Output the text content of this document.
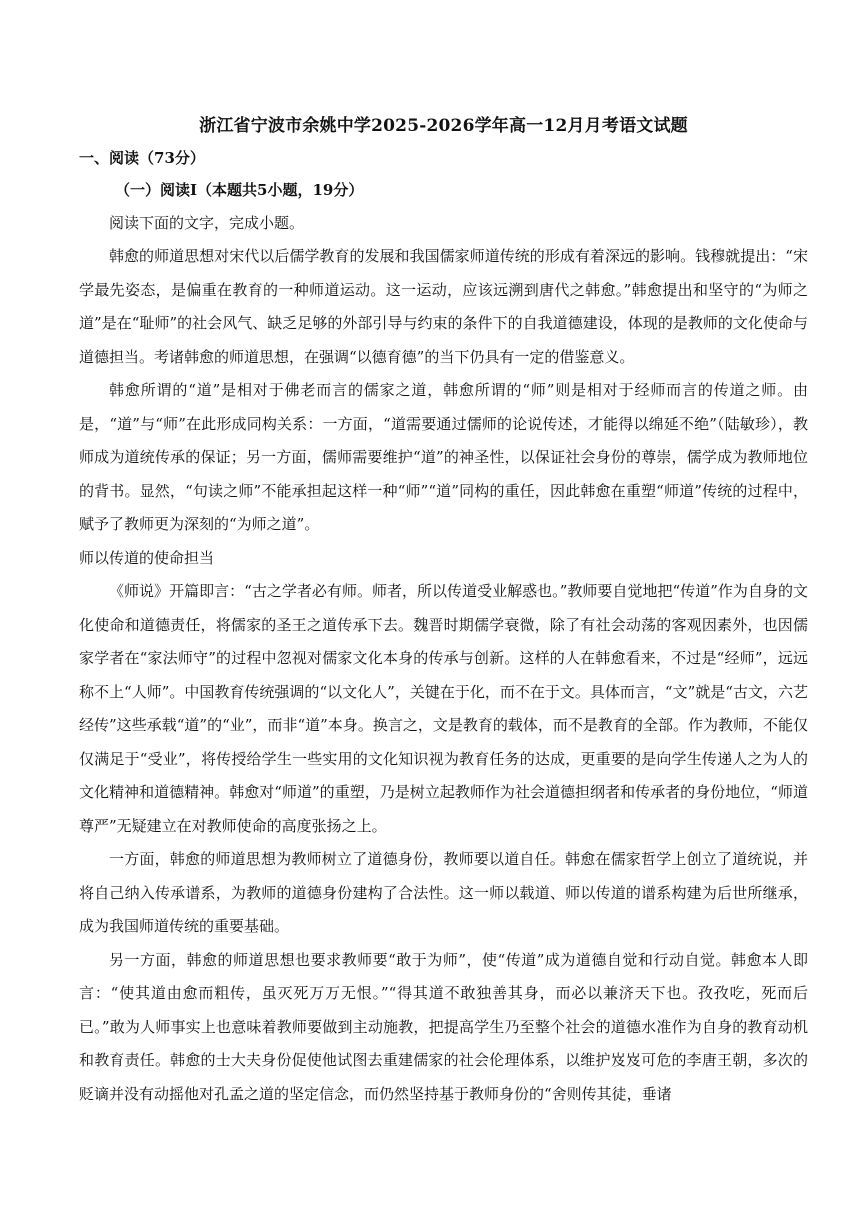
浙江省宁波市余姚中学2025-2026学年高一12月月考语文试题

一、阅读（73分）

（一）阅读Ⅰ（本题共5小题，19分）

阅读下面的文字，完成小题。

韩愈的师道思想对宋代以后儒学教育的发展和我国儒家师道传统的形成有着深远的影响。钱穆就提出：“宋学最先姿态，是偏重在教育的一种师道运动。这一运动，应该远溯到唐代之韩愈。”韩愈提出和坚守的“为师之道”是在“耻师”的社会风气、缺乏足够的外部引导与约束的条件下的自我道德建设，体现的是教师的文化使命与道德担当。考诸韩愈的师道思想，在强调“以德育德”的当下仍具有一定的借鉴意义。

韩愈所谓的“道”是相对于佛老而言的儒家之道，韩愈所谓的“师”则是相对于经师而言的传道之师。由是，“道”与“师”在此形成同构关系：一方面，“道需要通过儒师的论说传述，才能得以绵延不绝”（陆敏珍），教师成为道统传承的保证；另一方面，儒师需要维护“道”的神圣性，以保证社会身份的尊崇，儒学成为教师地位的背书。显然，“句读之师”不能承担起这样一种“师”“道”同构的重任，因此韩愈在重塑“师道”传统的过程中，赋予了教师更为深刻的“为师之道”。

师以传道的使命担当

《师说》开篇即言：“古之学者必有师。师者，所以传道受业解惑也。”教师要自觉地把“传道”作为自身的文化使命和道德责任，将儒家的圣王之道传承下去。魏晋时期儒学衰微，除了有社会动荡的客观因素外，也因儒家学者在“家法师守”的过程中忽视对儒家文化本身的传承与创新。这样的人在韩愈看来，不过是“经师”，远远称不上“人师”。中国教育传统强调的“以文化人”，关键在于化，而不在于文。具体而言，“文”就是“古文，六艺经传”这些承载“道”的“业”，而非“道”本身。换言之，文是教育的载体，而不是教育的全部。作为教师，不能仅仅满足于“受业”，将传授给学生一些实用的文化知识视为教育任务的达成，更重要的是向学生传递人之为人的文化精神和道德精神。韩愈对“师道”的重塑，乃是树立起教师作为社会道德担纲者和传承者的身份地位，“师道尊严”无疑建立在对教师使命的高度张扬之上。

一方面，韩愈的师道思想为教师树立了道德身份，教师要以道自任。韩愈在儒家哲学上创立了道统说，并将自己纳入传承谱系，为教师的道德身份建构了合法性。这一师以载道、师以传道的谱系构建为后世所继承，成为我国师道传统的重要基础。

另一方面，韩愈的师道思想也要求教师要“敢于为师”，使“传道”成为道德自觉和行动自觉。韩愈本人即言：“使其道由愈而粗传，虽灭死万万无恨。”“得其道不敢独善其身，而必以兼济天下也。孜孜吃，死而后已。”敢为人师事实上也意味着教师要做到主动施教，把提高学生乃至整个社会的道德水准作为自身的教育动机和教育责任。韩愈的士大夫身份促使他试图去重建儒家的社会伦理体系，以维护岌岌可危的李唐王朝，多次的贬谪并没有动摇他对孔孟之道的坚定信念，而仍然坚持基于教师身份的“舍则传其徒，垂诸
